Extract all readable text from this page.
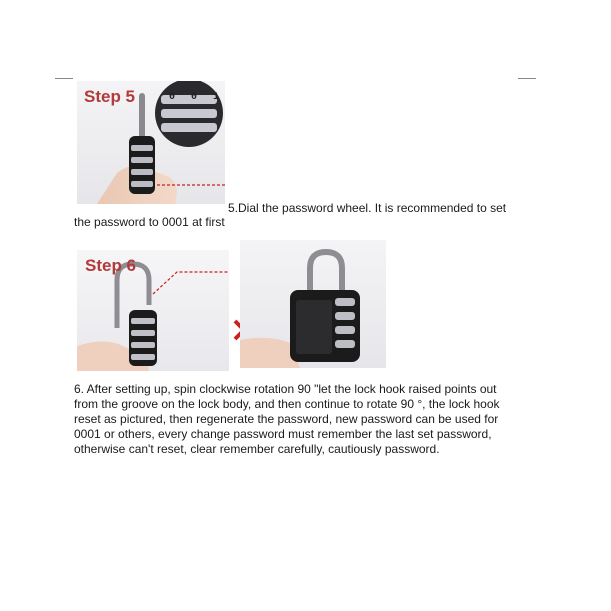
Step 5	0 0 1
5.Dial the password wheel. It is recommended to set
the password to 0001 at first
Step 6
6. After setting up, spin clockwise rotation 90 "let the lock hook raised points out
from the groove on the lock body, and then continue to rotate 90 °, the lock hook
reset as pictured, then regenerate the password, new password can be used for
0001 or others, every change password must remember the last set password,
otherwise can't reset, clear remember carefully, cautiously password.
